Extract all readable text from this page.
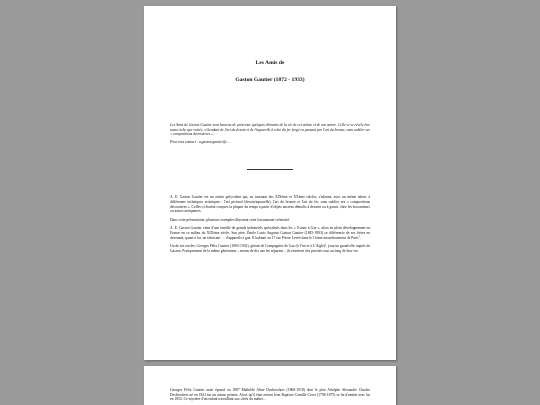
Les Amis de
Gaston Gautier (1872 - 1933)

Les Amis de Gaston Gautier sont heureux de présenter quelques éléments de la vie de cet artiste et de son œuvre. Celle-ci se révèle être aussi riche que variée, s'étendant de l'art du dessin et de l'aquarelle à celui du fer forgé en passant par l'art du bronze, sans oublier ses « compositions décoratives ».

Pour tout contact : a.gaston.gautier@.....

A. E. Gaston Gautier est un artiste polyvalent qui, au tournant des XIXème et XXème siècles, s'adonne, avec un même talent, à différentes techniques artistiques : l'art pictural (dessin/aquarelle), l'art du bronze et l'art du fer, sans oublier ses « compositions décoratives ». Celles-ci étaient conçues la plupart du temps à partir d'objets anciens démolis à dessein ou à garnir, chez les brocanteurs ou autres antiquaires.

Dans cette présentation, plusieurs exemples illustrent cette foisonnante créativité.

A. E. Gaston Gautier vient d'une famille de grands industriels spécialisés dans les « Usines à Gaz », alors en plein développement en France en ce milieu du XIXème siècle. Son père, Émile Louis Auguste Gaston Gautier (1845-1893) se différencie de ses frères en devenant, quant à lui, un fabricant … d'appareils à gaz. Il habitait au 17 rue Pierre Levée dans le 11ème arrondissement de Paris$^1$.

Un de ses oncles, Georges Félix Gautier (1865-1932), gérant de Compagnies de Gaz (à Vire et à L'Aigle)², joua un grand rôle auprès de Gaston. Pratiquement de la même génération – moins de dix ans les séparent – ils restèrent très proches tout au long de leur vie.

Georges Félix Gautier avait épousé en 1887 Mathilde Aline Desbrochers (1866-1918) dont le père Adolphe Alexandre Charles Desbrochers né en 1841 fut un artiste peintre. Alors qu'il était enfant Jean Baptiste Camille Corot (1796-1875) se lia d'amitié avec lui en 1853. Ce mystère d'un enfant travaillant aux côtés du maître...
